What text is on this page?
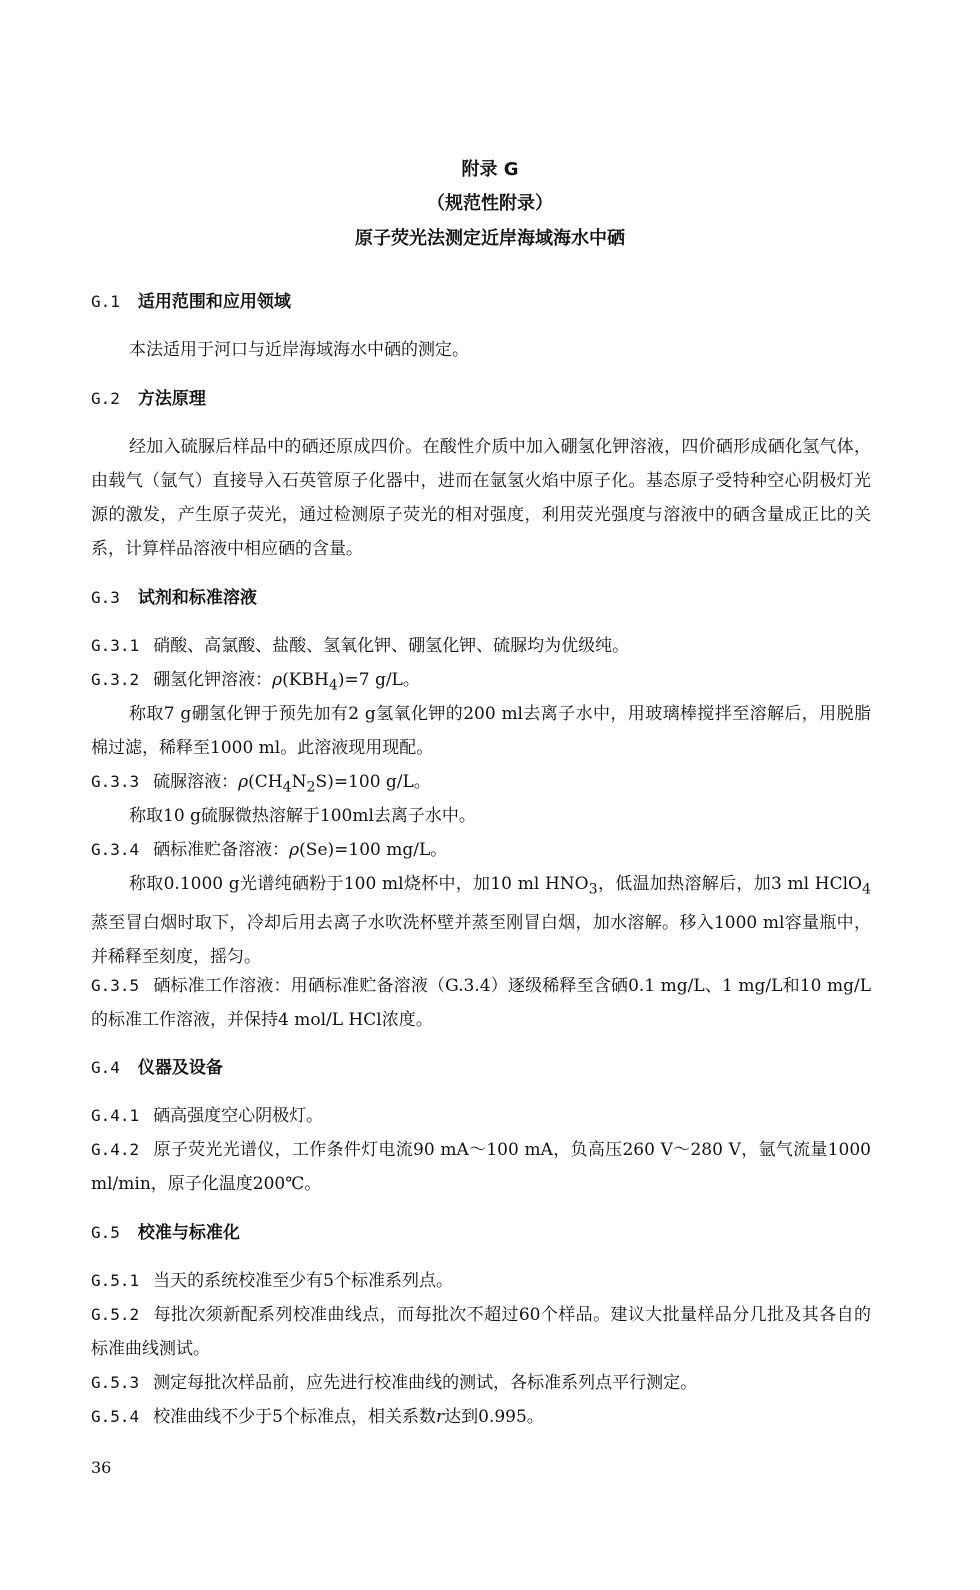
附录 G
（规范性附录）
原子荧光法测定近岸海域海水中硒
G.1 适用范围和应用领域
本法适用于河口与近岸海域海水中硒的测定。
G.2 方法原理
经加入硫脲后样品中的硒还原成四价。在酸性介质中加入硼氢化钾溶液，四价硒形成硒化氢气体，由载气（氩气）直接导入石英管原子化器中，进而在氩氢火焰中原子化。基态原子受特种空心阴极灯光源的激发，产生原子荧光，通过检测原子荧光的相对强度，利用荧光强度与溶液中的硒含量成正比的关系，计算样品溶液中相应硒的含量。
G.3 试剂和标准溶液
G.3.1 硝酸、高氯酸、盐酸、氢氧化钾、硼氢化钾、硫脲均为优级纯。
G.3.2 硼氢化钾溶液：$\rho(KBH_4)=7$ g/L。
称取7 g硼氢化钾于预先加有2 g氢氧化钾的200 ml去离子水中，用玻璃棒搅拌至溶解后，用脱脂棉过滤，稀释至1000 ml。此溶液现用现配。
G.3.3 硫脲溶液：$\rho(CH_4N_2S)=100$ g/L。
称取10 g硫脲微热溶解于100ml去离子水中。
G.3.4 硒标准贮备溶液：ρ(Se)=100 mg/L。
称取0.1000 g光谱纯硒粉于100 ml烧杯中，加10 ml $HNO_3$，低温加热溶解后，加3 ml HClO$_4$蒸至冒白烟时取下，冷却后用去离子水吹洗杯壁并蒸至刚冒白烟，加水溶解。移入1000 ml容量瓶中，并稀释至刻度，摇匀。
G.3.5 硒标准工作溶液：用硒标准贮备溶液（G.3.4）逐级稀释至含硒0.1 mg/L、1 mg/L和10 mg/L的标准工作溶液，并保持4 mol/L HCl浓度。
G.4 仪器及设备
G.4.1 硒高强度空心阴极灯。
G.4.2 原子荧光光谱仪，工作条件灯电流90 mA～100 mA，负高压260 V～280 V，氩气流量1000 ml/min，原子化温度200℃。
G.5 校准与标准化
G.5.1 当天的系统校准至少有5个标准系列点。
G.5.2 每批次须新配系列校准曲线点，而每批次不超过60个样品。建议大批量样品分几批及其各自的标准曲线测试。
G.5.3 测定每批次样品前，应先进行校准曲线的测试，各标准系列点平行测定。
G.5.4 校准曲线不少于5个标准点，相关系数r达到0.995。
36
